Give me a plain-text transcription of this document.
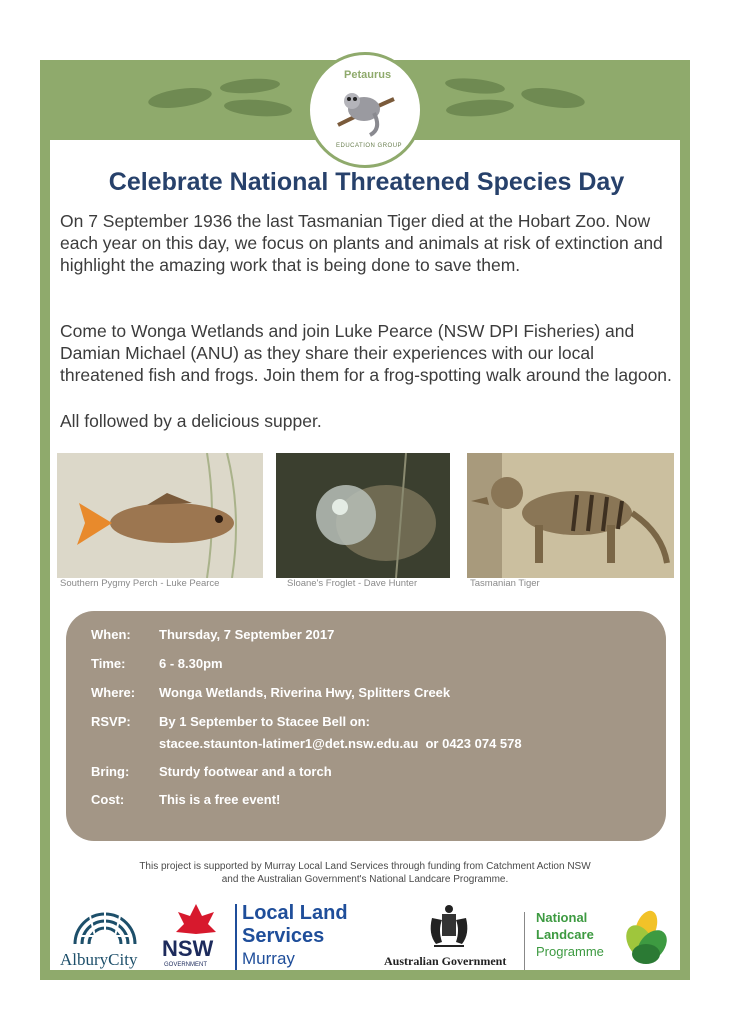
Petaurus
EDUCATION GROUP
Celebrate National Threatened Species Day
On 7 September 1936 the last Tasmanian Tiger died at the Hobart Zoo. Now each year on this day, we focus on plants and animals at risk of extinction and highlight the amazing work that is being done to save them.
Come to Wonga Wetlands and join Luke Pearce (NSW DPI Fisheries) and Damian Michael (ANU) as they share their experiences with our local threatened fish and frogs. Join them for a frog-spotting walk around the lagoon.
All followed by a delicious supper.
Southern Pygmy Perch - Luke Pearce	Sloane's Froglet - Dave Hunter	Tasmanian Tiger
When: Thursday, 7 September 2017
Time:	6 - 8.30pm
Where: Wonga Wetlands, Riverina Hwy, Splitters Creek
RSVP: By 1 September to Stacee Bell on:
stacee.staunton-latimer1@det.nsw.edu.au  or 0423 074 578
Bring: Sturdy footwear and a torch
Cost:	This is a free event!
This project is supported by Murray Local Land Services through funding from Catchment Action NSW
and the Australian Government's National Landcare Programme.
AlburyCity NSW
GOVERNMENT
Local Land
Services
Murray	Australian Government
National
Landcare
Programme
